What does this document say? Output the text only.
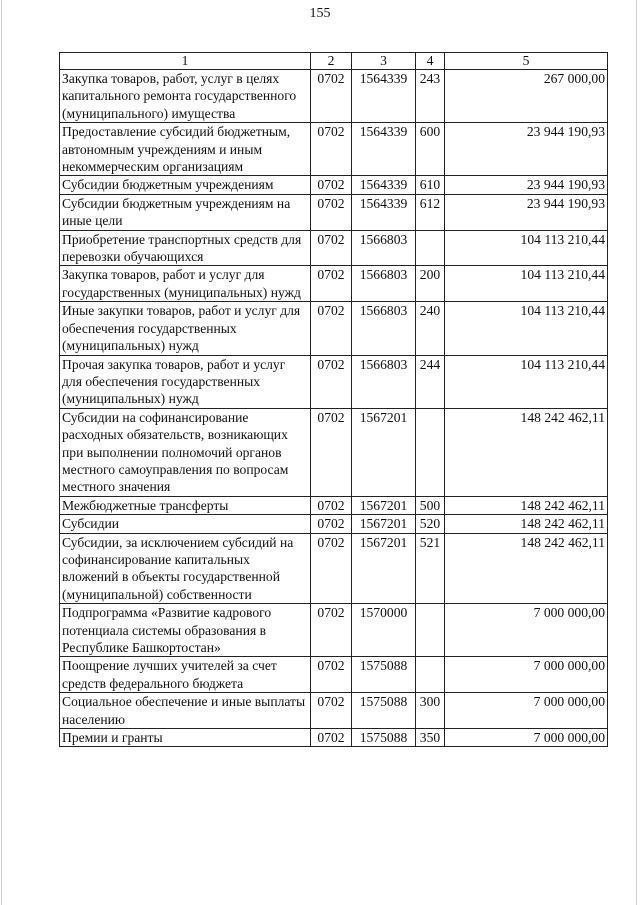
155
1	2	3	4	5
Закупка товаров, работ, услуг в целях капитального ремонта государственного (муниципального) имущества	0702	1564339	243	267 000,00
Предоставление субсидий бюджетным, автономным учреждениям и иным некоммерческим организациям	0702	1564339	600	23 944 190,93
Субсидии бюджетным учреждениям	0702	1564339	610	23 944 190,93
Субсидии бюджетным учреждениям на иные цели	0702	1564339	612	23 944 190,93
Приобретение транспортных средств для перевозки обучающихся	0702	1566803		104 113 210,44
Закупка товаров, работ и услуг для государственных (муниципальных) нужд	0702	1566803	200	104 113 210,44
Иные закупки товаров, работ и услуг для обеспечения государственных (муниципальных) нужд	0702	1566803	240	104 113 210,44
Прочая закупка товаров, работ и услуг для обеспечения государственных (муниципальных) нужд	0702	1566803	244	104 113 210,44
Субсидии на софинансирование расходных обязательств, возникающих при выполнении полномочий органов местного самоуправления по вопросам местного значения	0702	1567201		148 242 462,11
Межбюджетные трансферты	0702	1567201	500	148 242 462,11
Субсидии	0702	1567201	520	148 242 462,11
Субсидии, за исключением субсидий на софинансирование капитальных вложений в объекты государственной (муниципальной) собственности	0702	1567201	521	148 242 462,11
Подпрограмма «Развитие кадрового потенциала системы образования в Республике Башкортостан»	0702	1570000		7 000 000,00
Поощрение лучших учителей за счет средств федерального бюджета	0702	1575088		7 000 000,00
Социальное обеспечение и иные выплаты населению	0702	1575088	300	7 000 000,00
Премии и гранты	0702	1575088	350	7 000 000,00
